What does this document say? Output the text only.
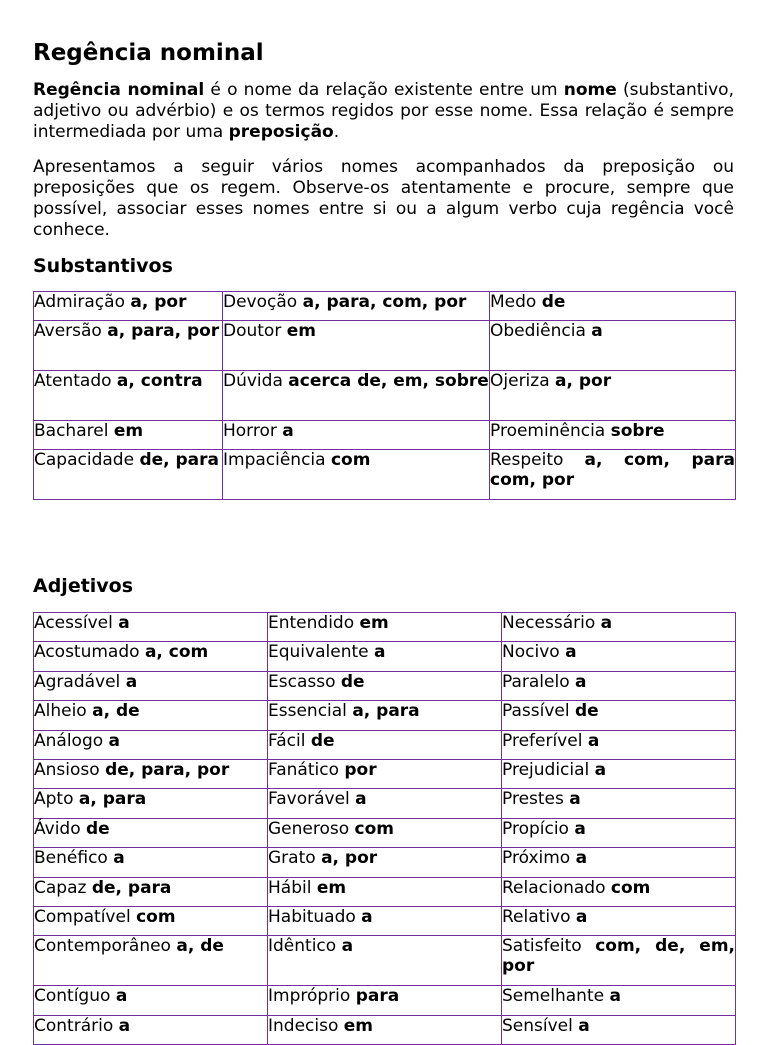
Regência nominal

Regência nominal é o nome da relação existente entre um nome (substantivo, adjetivo ou advérbio) e os termos regidos por esse nome. Essa relação é sempre intermediada por uma preposição.

Apresentamos a seguir vários nomes acompanhados da preposição ou preposições que os regem. Observe-os atentamente e procure, sempre que possível, associar esses nomes entre si ou a algum verbo cuja regência você conhece.

Substantivos
Admiração a, por	Devoção a, para, com, por	Medo de
Aversão a, para, por	Doutor em	Obediência a
Atentado a, contra	Dúvida acerca de, em, sobre	Ojeriza a, por
Bacharel em	Horror a	Proeminência sobre
Capacidade de, para	Impaciência com	Respeito a, com, para com, por
Adjetivos
Acessível a	Entendido em	Necessário a
Acostumado a, com	Equivalente a	Nocivo a
Agradável a	Escasso de	Paralelo a
Alheio a, de	Essencial a, para	Passível de
Análogo a	Fácil de	Preferível a
Ansioso de, para, por	Fanático por	Prejudicial a
Apto a, para	Favorável a	Prestes a
Ávido de	Generoso com	Propício a
Benéfico a	Grato a, por	Próximo a
Capaz de, para	Hábil em	Relacionado com
Compatível com	Habituado a	Relativo a
Contemporâneo a, de	Idêntico a	Satisfeito com, de, em, por
Contíguo a	Impróprio para	Semelhante a
Contrário a	Indeciso em	Sensível a
